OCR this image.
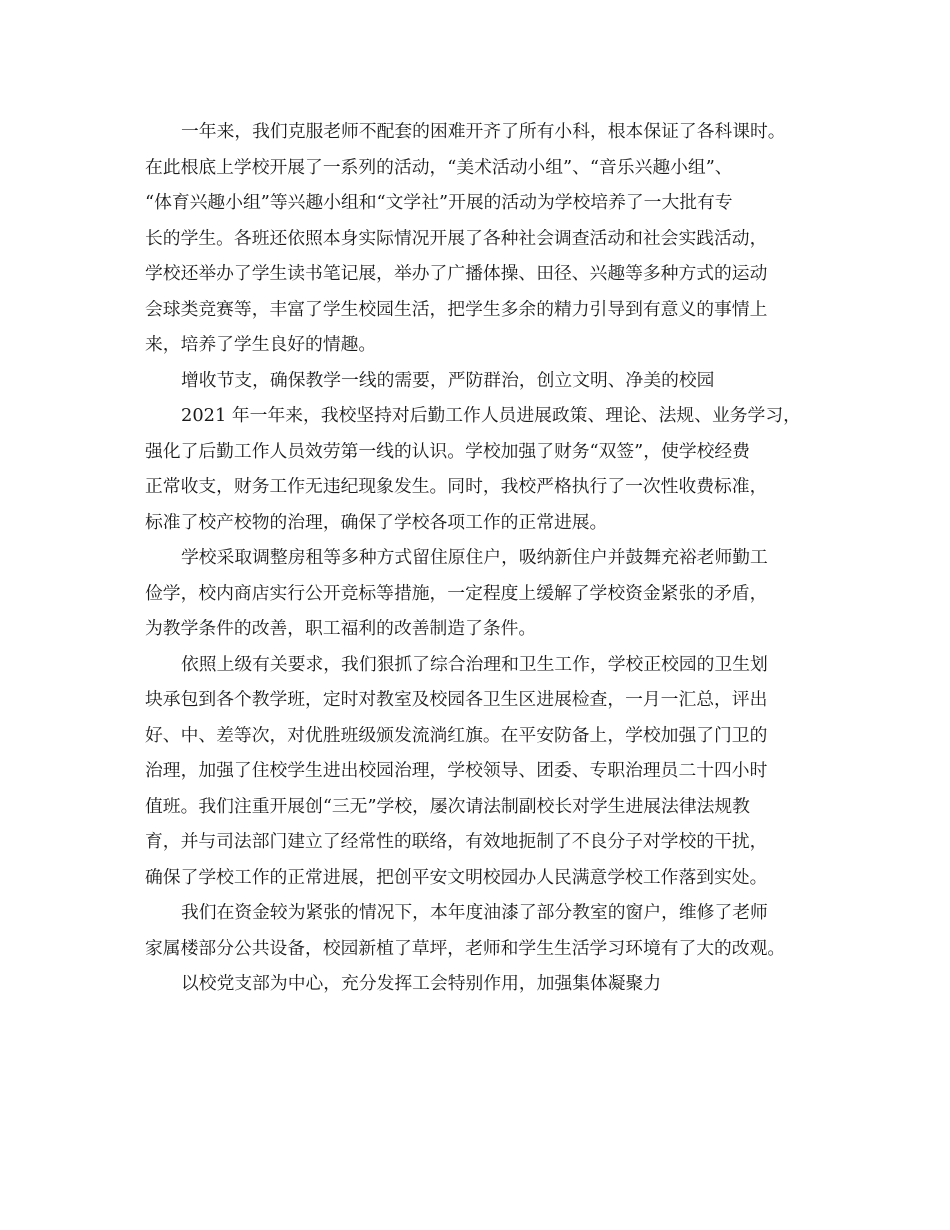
一年来，我们克服老师不配套的困难开齐了所有小科，根本保证了各科课时。
在此根底上学校开展了一系列的活动，“美术活动小组”、“音乐兴趣小组”、
“体育兴趣小组”等兴趣小组和“文学社”开展的活动为学校培养了一大批有专
长的学生。各班还依照本身实际情况开展了各种社会调查活动和社会实践活动，
学校还举办了学生读书笔记展，举办了广播体操、田径、兴趣等多种方式的运动
会球类竞赛等，丰富了学生校园生活，把学生多余的精力引导到有意义的事情上
来，培养了学生良好的情趣。
增收节支，确保教学一线的需要，严防群治，创立文明、净美的校园
2021 年一年来，我校坚持对后勤工作人员进展政策、理论、法规、业务学习，
强化了后勤工作人员效劳第一线的认识。学校加强了财务“双签”，使学校经费
正常收支，财务工作无违纪现象发生。同时，我校严格执行了一次性收费标准，
标准了校产校物的治理，确保了学校各项工作的正常进展。
学校采取调整房租等多种方式留住原住户，吸纳新住户并鼓舞充裕老师勤工
俭学，校内商店实行公开竞标等措施，一定程度上缓解了学校资金紧张的矛盾，
为教学条件的改善，职工福利的改善制造了条件。
依照上级有关要求，我们狠抓了综合治理和卫生工作，学校正校园的卫生划
块承包到各个教学班，定时对教室及校园各卫生区进展检查，一月一汇总，评出
好、中、差等次，对优胜班级颁发流淌红旗。在平安防备上，学校加强了门卫的
治理，加强了住校学生进出校园治理，学校领导、团委、专职治理员二十四小时
值班。我们注重开展创“三无”学校，屡次请法制副校长对学生进展法律法规教
育，并与司法部门建立了经常性的联络，有效地扼制了不良分子对学校的干扰，
确保了学校工作的正常进展，把创平安文明校园办人民满意学校工作落到实处。
我们在资金较为紧张的情况下，本年度油漆了部分教室的窗户，维修了老师
家属楼部分公共设备，校园新植了草坪，老师和学生生活学习环境有了大的改观。
以校党支部为中心，充分发挥工会特别作用，加强集体凝聚力
